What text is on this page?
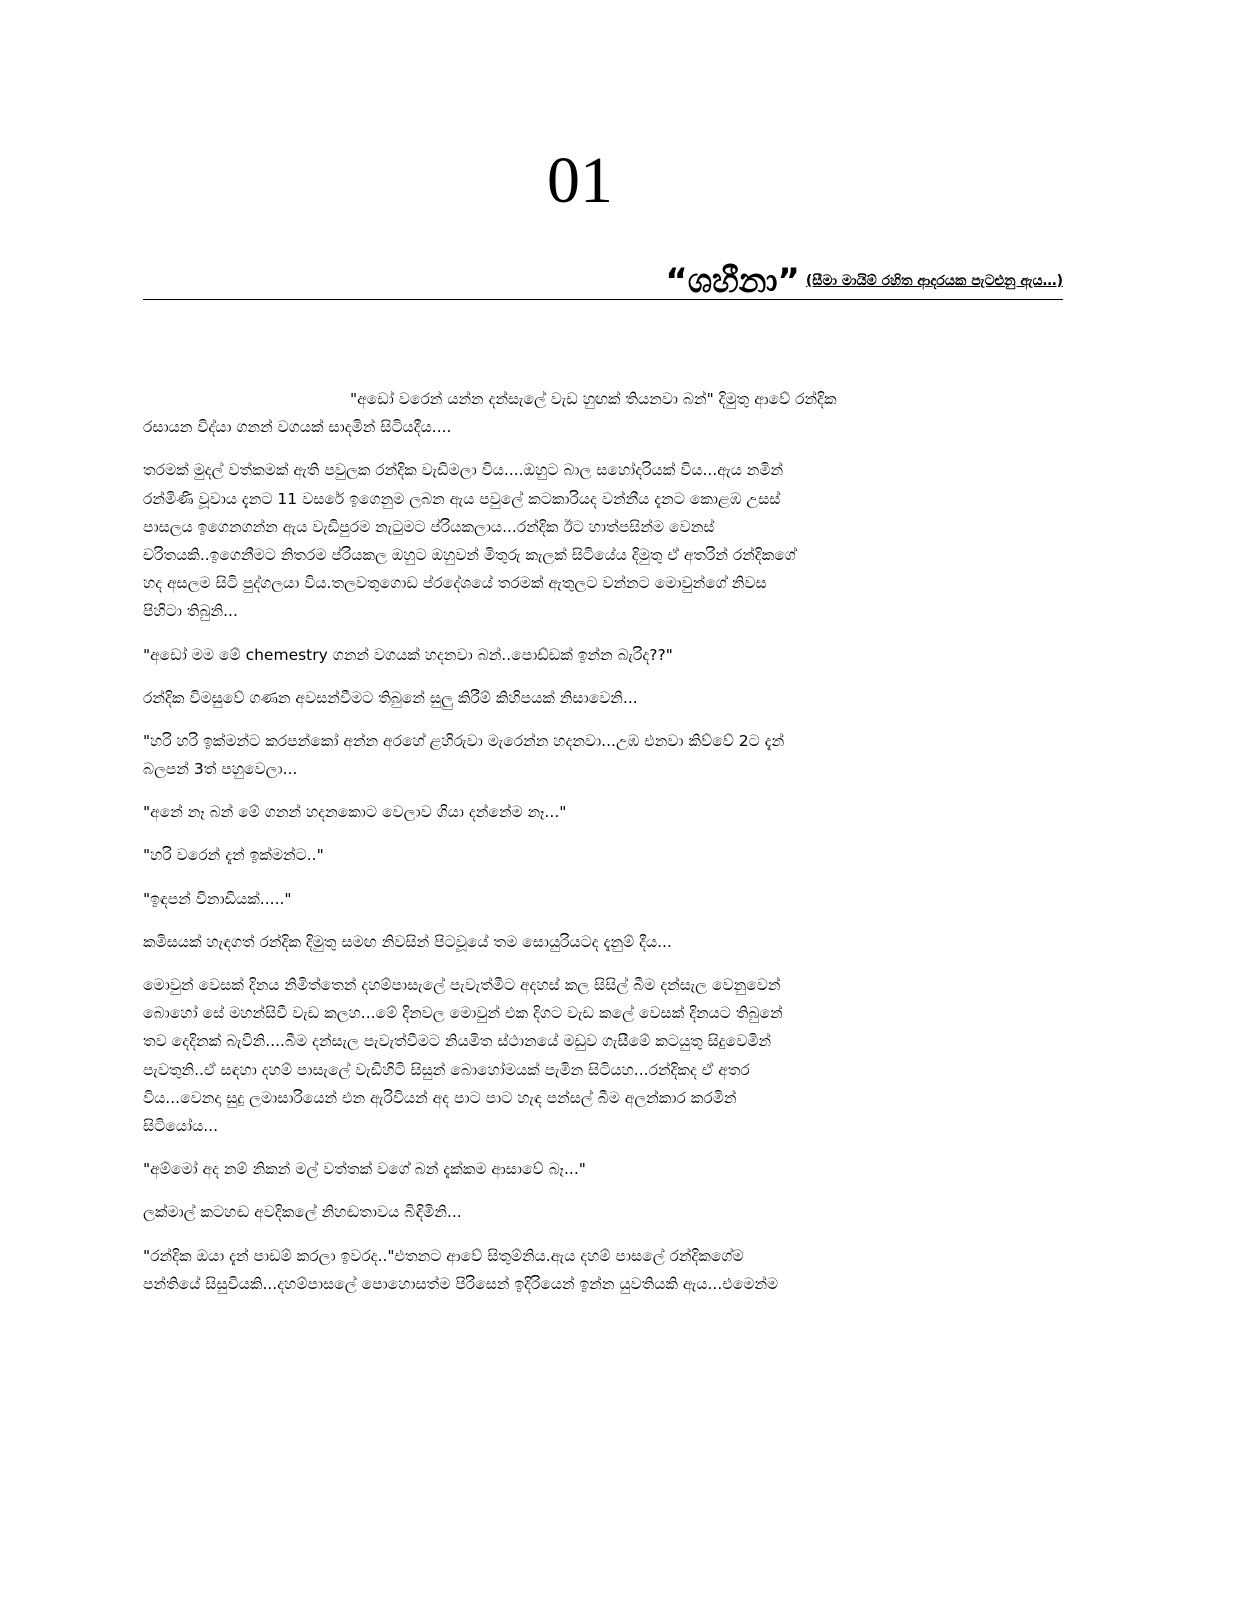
01
“ශහීනා” (සීමා මායිම් රහිත ආදරයක පැටළුනු ඇය…)

"අඩෝ වරෙන් යන්න දන්සැලේ වැඩ හුඟක් තියනවා බන්" දිමුතු ආවේ රන්දික
රසායන විද්යා ගනන් වගයක් සාදමින් සිටියදීය....

තරමක් මුදල් වත්කමක් ඇති පවුලක රන්දික වැඩිමලා විය....ඔහුට බාල සහෝදරියක් විය...ඇය නමින්
රන්මිණි වූවාය දැනට 11 වසරේ ඉගෙනුම ලබන ඇය පවුලේ කටකාරියද වන්නීය දැනට කොළඹ උසස්
පාසලය ඉගෙනගන්න ඇය වැඩිපුරම නැටුමට ප්රියකලාය...රන්දික ඊට හාත්පසින්ම වෙනස්
චරිතයකි..ඉගෙනීමට නිතරම ප්රියකල ඔහුට ඔහුවන් මිතුරු කැලක් සිටියේය දිමුතු ඒ අතරින් රන්දිකගේ
හද අසලම සිටි පුද්ගලයා විය.තලවතුගොඩ ප්රදේශයේ තරමක් ඇතුලට වන්නට මොවුන්ගේ නිවස
පිහිටා තිබුනි...

"අඩෝ මම මේ chemestry ගනන් වගයක් හදනවා බන්..පොඩ්ඩක් ඉන්න බැරිද??"

රන්දික විමසුවේ ගණන අවසන්වීමට තිබුනේ සුලු කිරීම් කිහිපයක් නිසාවෙනි...

"හරි හරි ඉක්මන්ට කරපන්කෝ අන්න අරහේ ළහිරුවා මැරෙන්න හදනවා...උඹ එනවා කිව්වේ 2ට දැන්
බලපන් 3ත් පහුවෙලා...

"අනේ නෑ බන් මේ ගනන් හදනකොට වෙලාව ගියා දන්නේම නෑ..."

"හරි වරෙන් දැන් ඉක්මන්ට.."

"ඉඳපන් විනාඩියක්....."

කමිසයක් හැඳගත් රන්දික දිමුතු සමඟ නිවසින් පිටවූයේ තම සොයුරියටද දැනුම් දීය...

මොවුන් වෙසක් දිනය නිමිත්තෙන් දහම්පාසැලේ පැවැත්මීට අදහස් කල සිසිල් බීම දන්සැල වෙනුවෙන්
බොහෝ සේ මහන්සිවී වැඩ කලහ...මේ දිනවල මොවුන් එක දිගට වැඩ කලේ වෙසක් දිනයට තිබුනේ
තව දෙදිනක් බැවිනි....බීම දන්සැල පැවැත්වීමට නියමිත ස්ථානයේ මඩුව ගැසීමේ කටයුතු සිදුවෙමින්
පැවතුනි..ඒ සඳහා දහම් පාසැලේ වැඩිහිටි සිසුන් බොහෝමයක් පැමින සිටියහ...රන්දිකද ඒ අතර
විය...වෙනදා සුදු ලමාසාරියෙන් එන ඇරිවියන් අද පාට පාට හැඳ පන්සල් බීම අලන්කාර කරමින්
සිටියෝය...

"අම්මෝ අද නම් නිකන් මල් වත්තක් වගේ බන් දැක්කම ආසාවේ බෑ..."

ලක්මාල් කටහඬ අවදිකලේ නිහඬතාවය බිඳිමිනි...

"රන්දික ඔයා දැන් පාඩම් කරලා ඉවරද.."එතනට ආවේ සිතුම්නිය.ඇය දහම් පාසලේ රන්දිකගේම
පන්තියේ සිසුවියකි...දහම්පාසලේ පොහොසත්ම පිරිසෙන් ඉදිරියෙන් ඉන්න යුවතියකි ඇය...එමෙන්ම
